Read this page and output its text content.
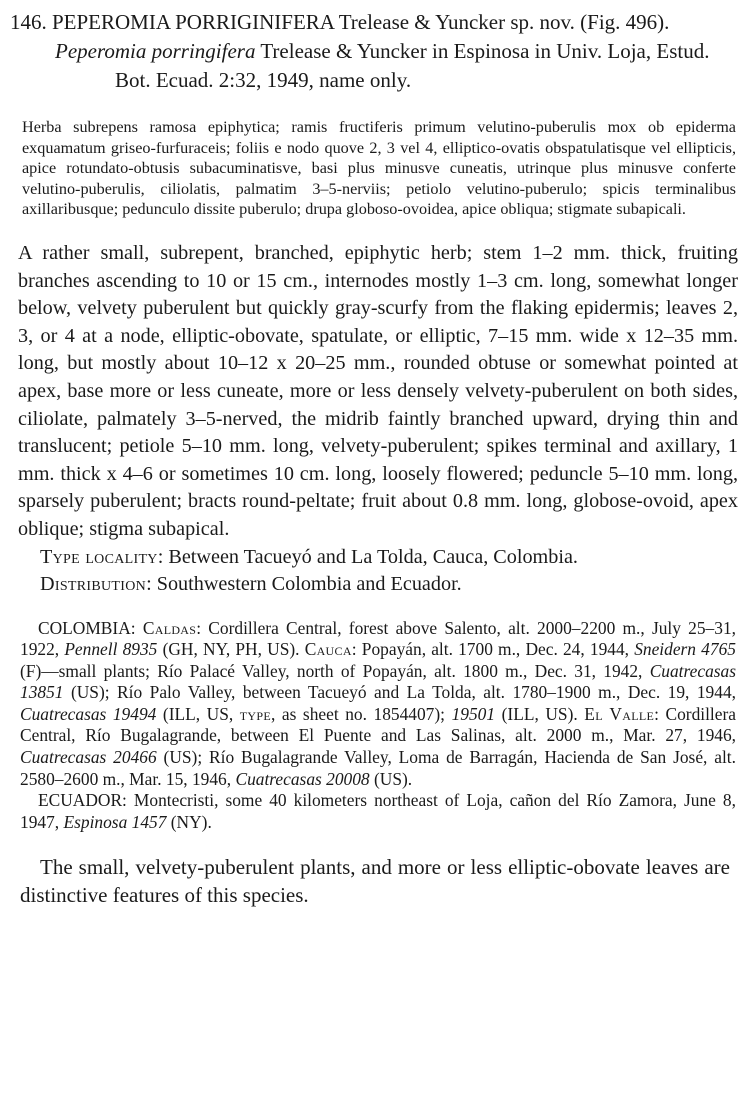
146. PEPEROMIA PORRIGINIFERA Trelease & Yuncker sp. nov. (Fig. 496).
Peperomia porringifera Trelease & Yuncker in Espinosa in Univ. Loja, Estud. Bot. Ecuad. 2:32, 1949, name only.

Herba subrepens ramosa epiphytica; ramis fructiferis primum velutino-puberulis mox ob epiderma exquamatum griseo-furfuraceis; foliis e nodo quove 2, 3 vel 4, elliptico-ovatis obspatulatisque vel ellipticis, apice rotundato-obtusis subacuminatisve, basi plus minusve cuneatis, utrinque plus minusve conferte velutino-puberulis, ciliolatis, palmatim 3–5-nerviis; petiolo velutino-puberulo; spicis terminalibus axillaribusque; pedunculo dissite puberulo; drupa globoso-ovoidea, apice obliqua; stigmate subapicali.

A rather small, subrepent, branched, epiphytic herb; stem 1–2 mm. thick, fruiting branches ascending to 10 or 15 cm., internodes mostly 1–3 cm. long, somewhat longer below, velvety puberulent but quickly gray-scurfy from the flaking epidermis; leaves 2, 3, or 4 at a node, elliptic-obovate, spatulate, or elliptic, 7–15 mm. wide x 12–35 mm. long, but mostly about 10–12 x 20–25 mm., rounded obtuse or somewhat pointed at apex, base more or less cuneate, more or less densely velvety-puberulent on both sides, ciliolate, palmately 3–5-nerved, the midrib faintly branched upward, drying thin and translucent; petiole 5–10 mm. long, velvety-puberulent; spikes terminal and axillary, 1 mm. thick x 4–6 or sometimes 10 cm. long, loosely flowered; peduncle 5–10 mm. long, sparsely puberulent; bracts round-peltate; fruit about 0.8 mm. long, globose-ovoid, apex oblique; stigma subapical.

Type locality: Between Tacueyó and La Tolda, Cauca, Colombia.
Distribution: Southwestern Colombia and Ecuador.

COLOMBIA: Caldas: Cordillera Central, forest above Salento, alt. 2000–2200 m., July 25–31, 1922, Pennell 8935 (GH, NY, PH, US). Cauca: Popayán, alt. 1700 m., Dec. 24, 1944, Sneidern 4765 (F)—small plants; Río Palacé Valley, north of Popayán, alt. 1800 m., Dec. 31, 1942, Cuatrecasas 13851 (US); Río Palo Valley, between Tacueyó and La Tolda, alt. 1780–1900 m., Dec. 19, 1944, Cuatrecasas 19494 (ILL, US, type, as sheet no. 1854407); 19501 (ILL, US). El Valle: Cordillera Central, Río Bugalagrande, between El Puente and Las Salinas, alt. 2000 m., Mar. 27, 1946, Cuatrecasas 20466 (US); Río Bugalagrande Valley, Loma de Barragán, Hacienda de San José, alt. 2580–2600 m., Mar. 15, 1946, Cuatrecasas 20008 (US).

ECUADOR: Montecristi, some 40 kilometers northeast of Loja, cañon del Río Zamora, June 8, 1947, Espinosa 1457 (NY).

The small, velvety-puberulent plants, and more or less elliptic-obovate leaves are distinctive features of this species.
